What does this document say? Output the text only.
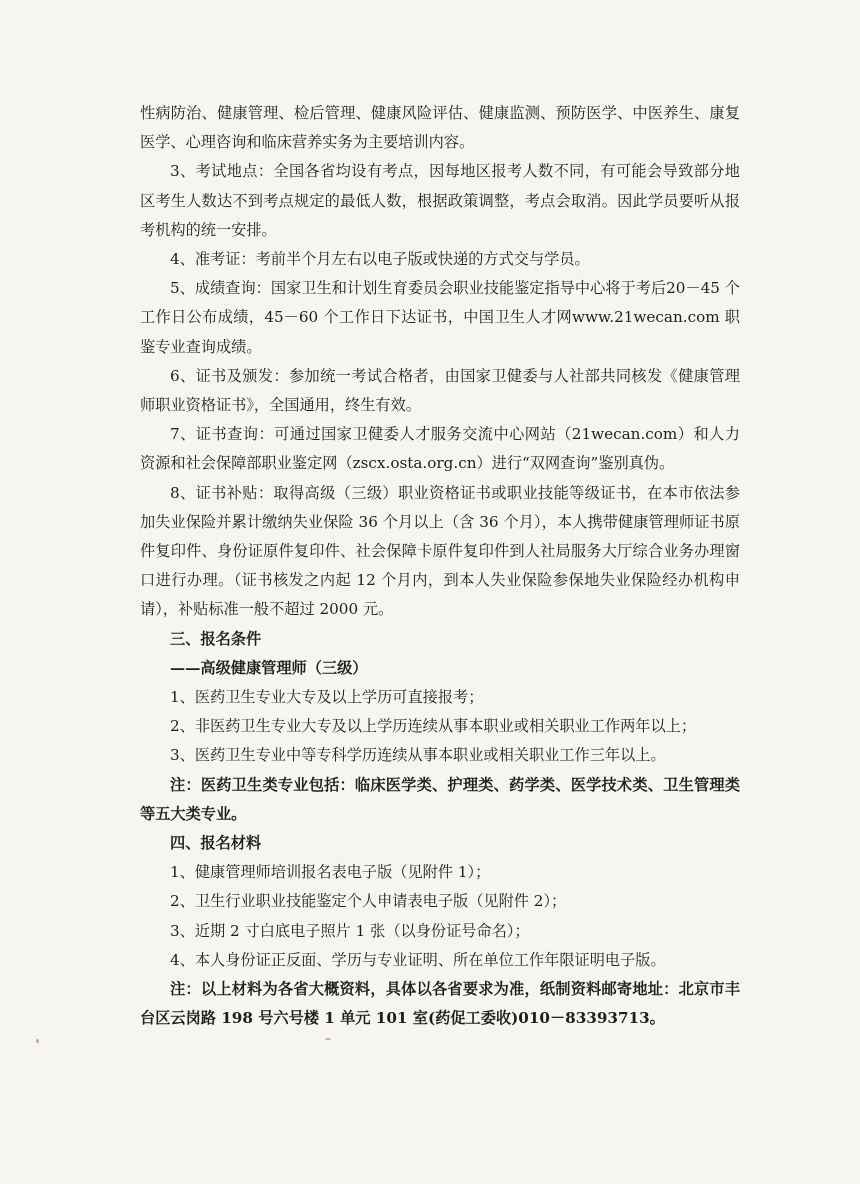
性病防治、健康管理、检后管理、健康风险评估、健康监测、预防医学、中医养生、康复医学、心理咨询和临床营养实务为主要培训内容。

3、考试地点：全国各省均设有考点，因每地区报考人数不同，有可能会导致部分地区考生人数达不到考点规定的最低人数，根据政策调整，考点会取消。因此学员要听从报考机构的统一安排。

4、准考证：考前半个月左右以电子版或快递的方式交与学员。

5、成绩查询：国家卫生和计划生育委员会职业技能鉴定指导中心将于考后20－45 个工作日公布成绩，45－60 个工作日下达证书，中国卫生人才网www.21wecan.com 职鉴专业查询成绩。

6、证书及颁发：参加统一考试合格者，由国家卫健委与人社部共同核发《健康管理师职业资格证书》，全国通用，终生有效。

7、证书查询：可通过国家卫健委人才服务交流中心网站（21wecan.com）和人力资源和社会保障部职业鉴定网（zscx.osta.org.cn）进行“双网查询”鉴别真伪。

8、证书补贴：取得高级（三级）职业资格证书或职业技能等级证书，在本市依法参加失业保险并累计缴纳失业保险 36 个月以上（含 36 个月），本人携带健康管理师证书原件复印件、身份证原件复印件、社会保障卡原件复印件到人社局服务大厅综合业务办理窗口进行办理。（证书核发之内起 12 个月内，到本人失业保险参保地失业保险经办机构申请），补贴标准一般不超过 2000 元。

三、报名条件

——高级健康管理师（三级）

1、医药卫生专业大专及以上学历可直接报考；

2、非医药卫生专业大专及以上学历连续从事本职业或相关职业工作两年以上；

3、医药卫生专业中等专科学历连续从事本职业或相关职业工作三年以上。

注：医药卫生类专业包括：临床医学类、护理类、药学类、医学技术类、卫生管理类等五大类专业。

四、报名材料

1、健康管理师培训报名表电子版（见附件 1）；

2、卫生行业职业技能鉴定个人申请表电子版（见附件 2）；

3、近期 2 寸白底电子照片 1 张（以身份证号命名）；

4、本人身份证正反面、学历与专业证明、所在单位工作年限证明电子版。

注：以上材料为各省大概资料，具体以各省要求为准，纸制资料邮寄地址：北京市丰台区云岗路 198 号六号楼 1 单元 101 室(药促工委收)010－83393713。
